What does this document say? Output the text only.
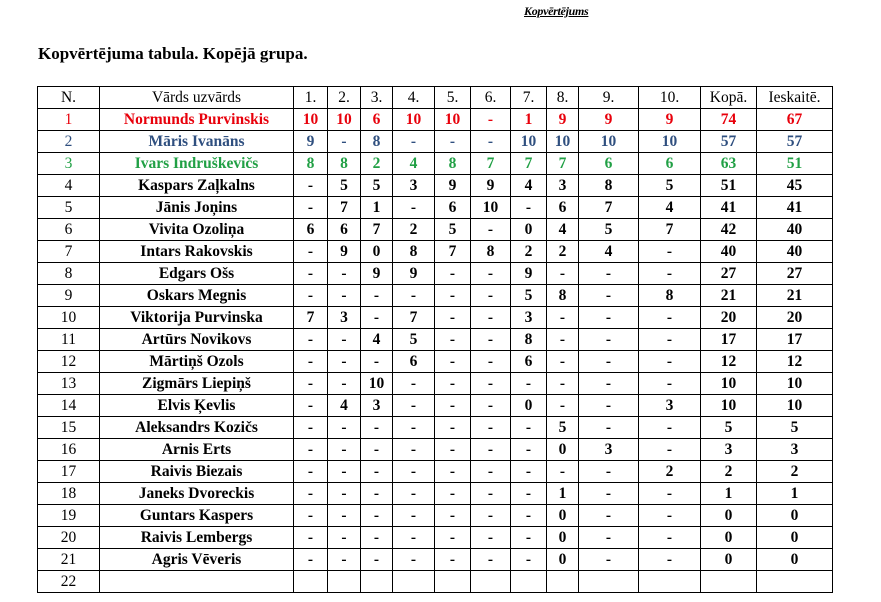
Kopvērtējums
Kopvērtējuma tabula. Kopējā grupa.
N.	Vārds uzvārds	1.	2.	3.	4.	5.	6.	7.	8.	9.	10.	Kopā.	Ieskaitē.
1	Normunds Purvinskis	10	10	6	10	10	-	1	9	9	9	74	67
2	Māris Ivanāns	9	-	8	-	-	-	10	10	10	10	57	57
3	Ivars Indruškevičs	8	8	2	4	8	7	7	7	6	6	63	51
4	Kaspars Zaļkalns	-	5	5	3	9	9	4	3	8	5	51	45
5	Jānis Joņins	-	7	1	-	6	10	-	6	7	4	41	41
6	Vivita Ozoliņa	6	6	7	2	5	-	0	4	5	7	42	40
7	Intars Rakovskis	-	9	0	8	7	8	2	2	4	-	40	40
8	Edgars Ošs	-	-	9	9	-	-	9	-	-	-	27	27
9	Oskars Megnis	-	-	-	-	-	-	5	8	-	8	21	21
10	Viktorija Purvinska	7	3	-	7	-	-	3	-	-	-	20	20
11	Artūrs Novikovs	-	-	4	5	-	-	8	-	-	-	17	17
12	Mārtiņš Ozols	-	-	-	6	-	-	6	-	-	-	12	12
13	Zigmārs Liepiņš	-	-	10	-	-	-	-	-	-	-	10	10
14	Elvis Ķevlis	-	4	3	-	-	-	0	-	-	3	10	10
15	Aleksandrs Kozičs	-	-	-	-	-	-	-	5	-	-	5	5
16	Arnis Erts	-	-	-	-	-	-	-	0	3	-	3	3
17	Raivis Biezais	-	-	-	-	-	-	-	-	-	2	2	2
18	Janeks Dvoreckis	-	-	-	-	-	-	-	1	-	-	1	1
19	Guntars Kaspers	-	-	-	-	-	-	-	0	-	-	0	0
20	Raivis Lembergs	-	-	-	-	-	-	-	0	-	-	0	0
21	Agris Vēveris	-	-	-	-	-	-	-	0	-	-	0	0
22													
